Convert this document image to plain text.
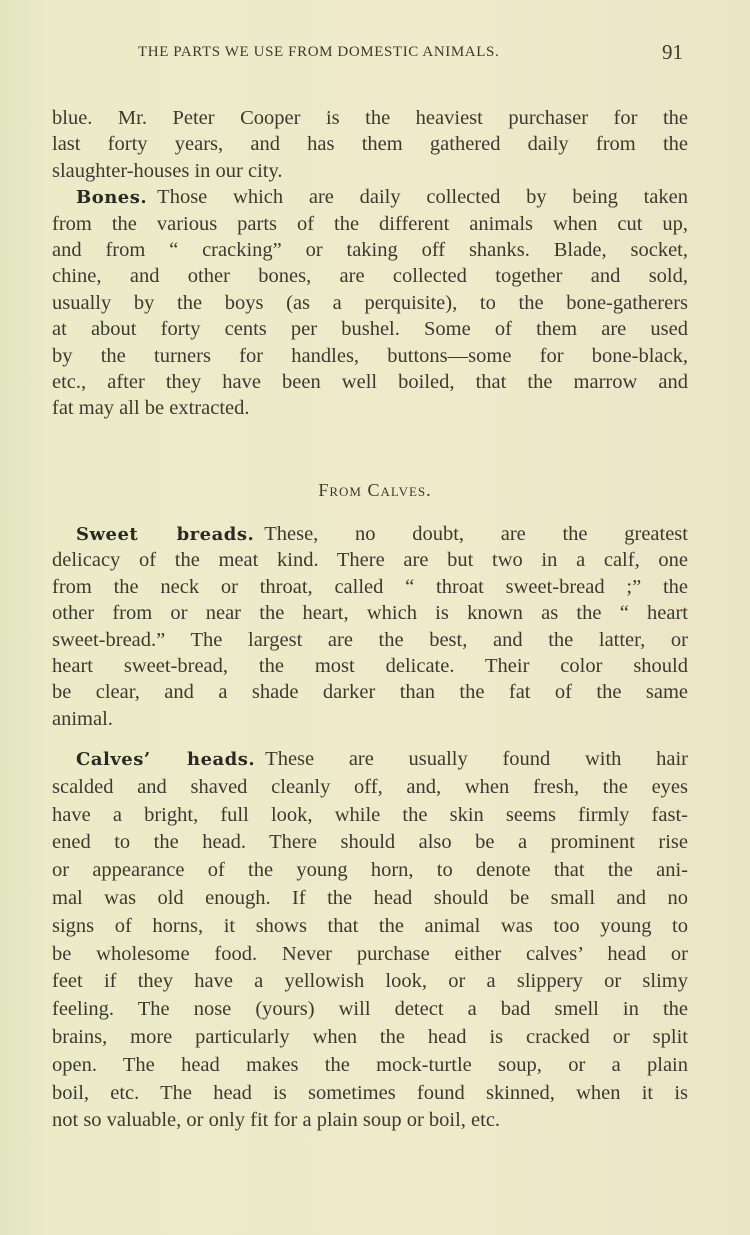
THE PARTS WE USE FROM DOMESTIC ANIMALS.	91
blue. Mr. Peter Cooper is the heaviest purchaser for the
last forty years, and has them gathered daily from the
slaughter-houses in our city.
Bones. Those which are daily collected by being taken
from the various parts of the different animals when cut up,
and from “ cracking” or taking off shanks. Blade, socket,
chine, and other bones, are collected together and sold,
usually by the boys (as a perquisite), to the bone-gatherers
at about forty cents per bushel. Some of them are used
by the turners for handles, buttons—some for bone-black,
etc., after they have been well boiled, that the marrow and
fat may all be extracted.
From Calves.
Sweet breads. These, no doubt, are the greatest
delicacy of the meat kind. There are but two in a calf, one
from the neck or throat, called “ throat sweet-bread ;” the
other from or near the heart, which is known as the “ heart
sweet-bread.” The largest are the best, and the latter, or
heart sweet-bread, the most delicate. Their color should
be clear, and a shade darker than the fat of the same
animal.
Calves’ heads. These are usually found with hair
scalded and shaved cleanly off, and, when fresh, the eyes
have a bright, full look, while the skin seems firmly fast-
ened to the head. There should also be a prominent rise
or appearance of the young horn, to denote that the ani-
mal was old enough. If the head should be small and no
signs of horns, it shows that the animal was too young to
be wholesome food. Never purchase either calves’ head or
feet if they have a yellowish look, or a slippery or slimy
feeling. The nose (yours) will detect a bad smell in the
brains, more particularly when the head is cracked or split
open. The head makes the mock-turtle soup, or a plain
boil, etc. The head is sometimes found skinned, when it is
not so valuable, or only fit for a plain soup or boil, etc.
